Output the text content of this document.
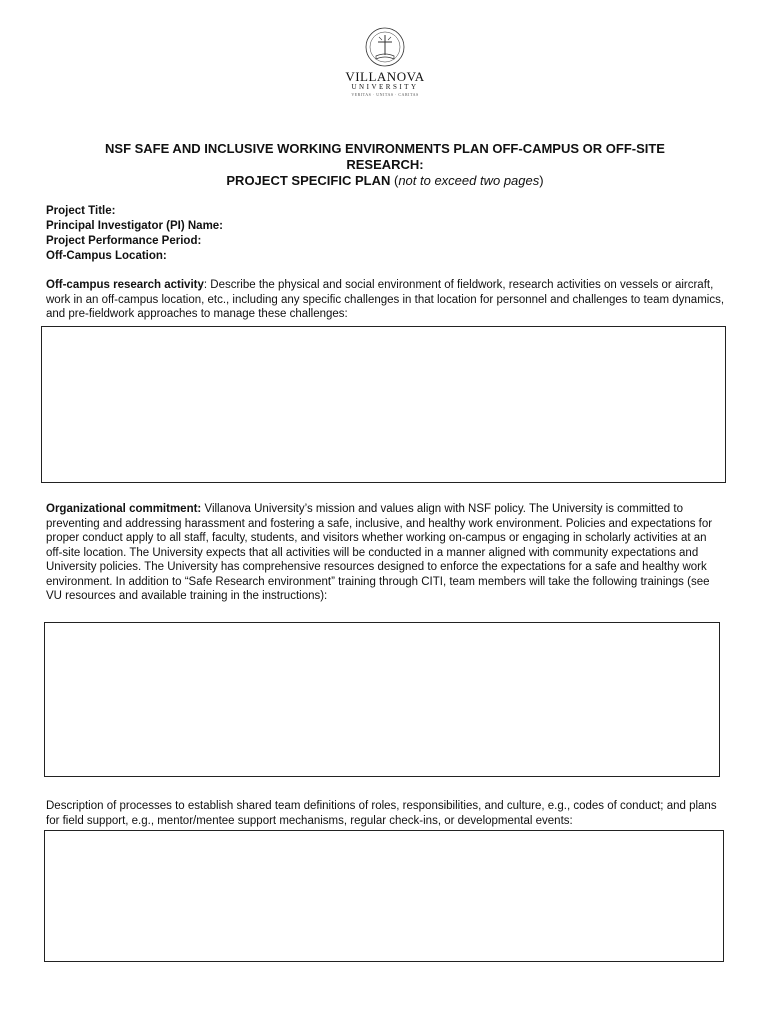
VILLANOVA
UNIVERSITY
VERITAS · UNITAS · CARITAS
NSF SAFE AND INCLUSIVE WORKING ENVIRONMENTS PLAN OFF-CAMPUS OR OFF-SITE
RESEARCH:
PROJECT SPECIFIC PLAN (not to exceed two pages)
Project Title:
Principal Investigator (PI) Name:
Project Performance Period:
Off-Campus Location:
Off-campus research activity: Describe the physical and social environment of fieldwork, research activities on vessels or aircraft, work in an off-campus location, etc., including any specific challenges in that location for personnel and challenges to team dynamics, and pre-fieldwork approaches to manage these challenges:
Organizational commitment: Villanova University’s mission and values align with NSF policy. The University is committed to preventing and addressing harassment and fostering a safe, inclusive, and healthy work environment. Policies and expectations for proper conduct apply to all staff, faculty, students, and visitors whether working on-campus or engaging in scholarly activities at an off-site location. The University expects that all activities will be conducted in a manner aligned with community expectations and University policies. The University has comprehensive resources designed to enforce the expectations for a safe and healthy work environment. In addition to “Safe Research environment” training through CITI, team members will take the following trainings (see VU resources and available training in the instructions):
Description of processes to establish shared team definitions of roles, responsibilities, and culture, e.g., codes of conduct; and plans for field support, e.g., mentor/mentee support mechanisms, regular check-ins, or developmental events:
